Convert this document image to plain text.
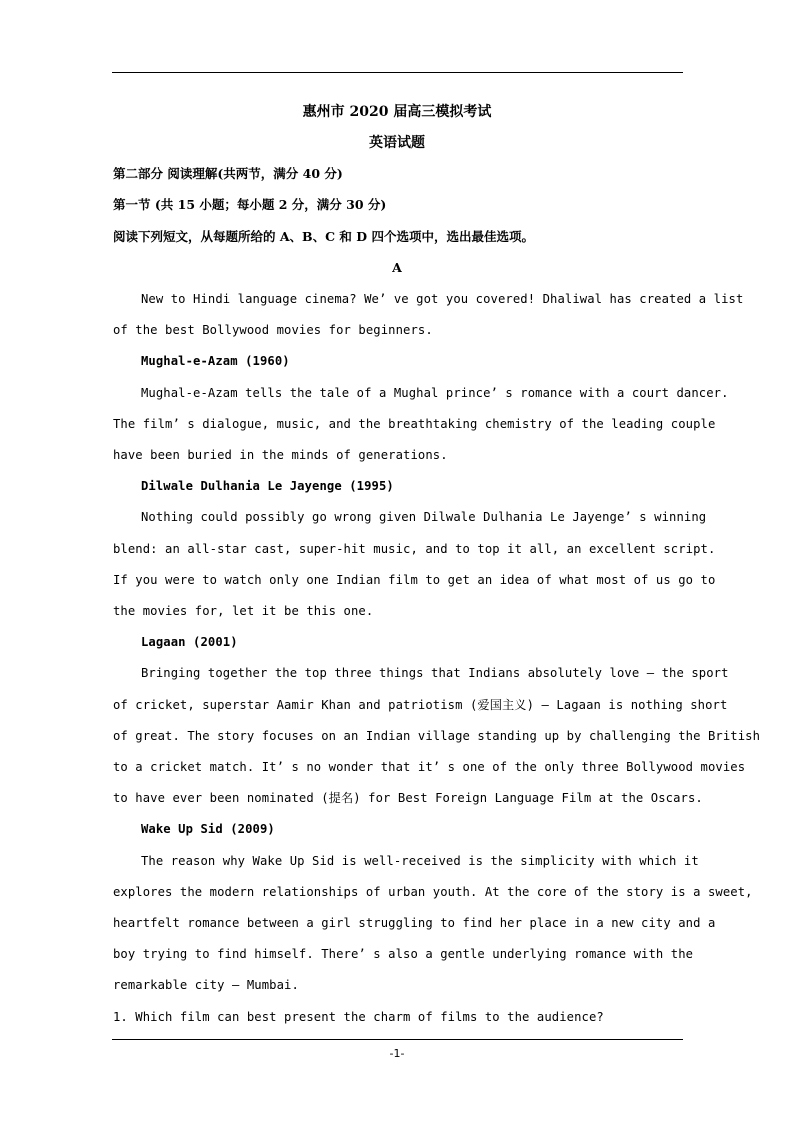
惠州市 2020 届高三模拟考试
英语试题
第二部分 阅读理解(共两节，满分 40 分)
第一节 (共 15 小题；每小题 2 分，满分 30 分)
阅读下列短文，从每题所给的 A、B、C 和 D 四个选项中，选出最佳选项。
A
New to Hindi language cinema? We’ ve got you covered! Dhaliwal has created a list
of the best Bollywood movies for beginners.
Mughal-e-Azam (1960)
Mughal-e-Azam tells the tale of a Mughal prince’ s romance with a court dancer.
The film’ s dialogue, music, and the breathtaking chemistry of the leading couple
have been buried in the minds of generations.
Dilwale Dulhania Le Jayenge (1995)
Nothing could possibly go wrong given Dilwale Dulhania Le Jayenge’ s winning
blend: an all-star cast, super-hit music, and to top it all, an excellent script.
If you were to watch only one Indian film to get an idea of what most of us go to
the movies for, let it be this one.
Lagaan (2001)
Bringing together the top three things that Indians absolutely love – the sport
of cricket, superstar Aamir Khan and patriotism (爱国主义) – Lagaan is nothing short
of great. The story focuses on an Indian village standing up by challenging the British
to a cricket match. It’ s no wonder that it’ s one of the only three Bollywood movies
to have ever been nominated (提名) for Best Foreign Language Film at the Oscars.
Wake Up Sid (2009)
The reason why Wake Up Sid is well-received is the simplicity with which it
explores the modern relationships of urban youth. At the core of the story is a sweet,
heartfelt romance between a girl struggling to find her place in a new city and a
boy trying to find himself. There’ s also a gentle underlying romance with the
remarkable city – Mumbai.
1. Which film can best present the charm of films to the audience?
-1-
